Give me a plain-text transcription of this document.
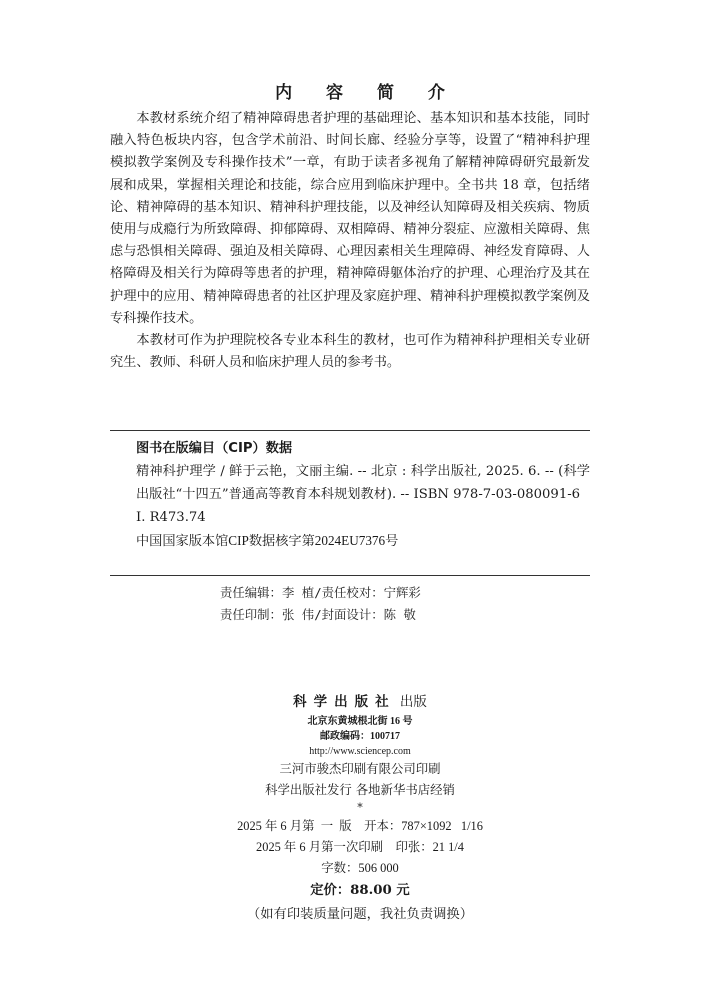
内 容 简 介

本教材系统介绍了精神障碍患者护理的基础理论、基本知识和基本技能，同时融入特色板块内容，包含学术前沿、时间长廊、经验分享等，设置了“精神科护理模拟教学案例及专科操作技术”一章，有助于读者多视角了解精神障碍研究最新发展和成果，掌握相关理论和技能，综合应用到临床护理中。全书共 18 章，包括绪论、精神障碍的基本知识、精神科护理技能，以及神经认知障碍及相关疾病、物质使用与成瘾行为所致障碍、抑郁障碍、双相障碍、精神分裂症、应激相关障碍、焦虑与恐惧相关障碍、强迫及相关障碍、心理因素相关生理障碍、神经发育障碍、人格障碍及相关行为障碍等患者的护理，精神障碍躯体治疗的护理、心理治疗及其在护理中的应用、精神障碍患者的社区护理及家庭护理、精神科护理模拟教学案例及专科操作技术。

本教材可作为护理院校各专业本科生的教材，也可作为精神科护理相关专业研究生、教师、科研人员和临床护理人员的参考书。

图书在版编目（CIP）数据

精神科护理学 / 鲜于云艳，文丽主编. -- 北京 : 科学出版社, 2025. 6. -- (科学出版社“十四五”普通高等教育本科规划教材). -- ISBN 978-7-03-080091-6

Ⅰ. R473.74

中国国家版本馆CIP数据核字第2024EU7376号

责任编辑：李 植/责任校对：宁辉彩
责任印制：张 伟/封面设计：陈 敬
科学出版社 出版
北京东黄城根北街 16 号
邮政编码：100717
http://www.sciencep.com
三河市骏杰印刷有限公司印刷
科学出版社发行 各地新华书店经销
*
2025 年 6 月第  一  版    开本：787×1092   1/16
2025 年 6 月第一次印刷    印张：21 1/4
字数：506 000
定价：88.00 元
（如有印装质量问题，我社负责调换）
